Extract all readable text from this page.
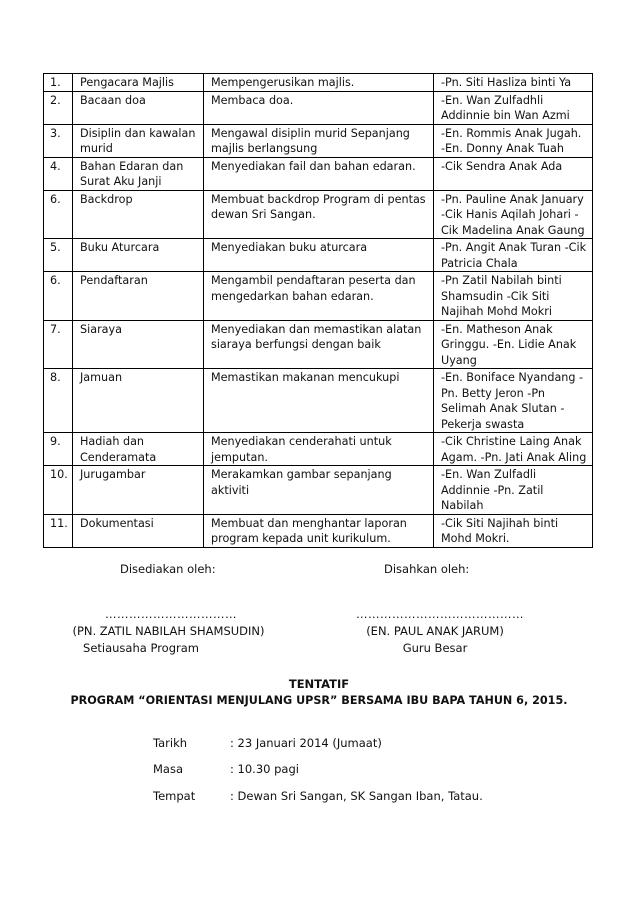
1.	Pengacara Majlis	Mempengerusikan majlis.	-Pn. Siti Hasliza binti Ya
2.	Bacaan doa	Membaca doa.	-En. Wan Zulfadhli Addinnie bin Wan Azmi
3.	Disiplin dan kawalan murid	Mengawal disiplin murid Sepanjang majlis berlangsung	-En. Rommis Anak Jugah. -En. Donny Anak Tuah
4.	Bahan Edaran dan Surat Aku Janji	Menyediakan fail dan bahan edaran.	-Cik Sendra Anak Ada
6.	Backdrop	Membuat backdrop Program di pentas dewan Sri Sangan.	-Pn. Pauline Anak January -Cik Hanis Aqilah Johari -Cik Madelina Anak Gaung
5.	Buku Aturcara	Menyediakan buku aturcara	-Pn. Angit Anak Turan -Cik Patricia Chala
6.	Pendaftaran	Mengambil pendaftaran peserta dan mengedarkan bahan edaran.	-Pn Zatil Nabilah binti Shamsudin -Cik Siti Najihah Mohd Mokri
7.	Siaraya	Menyediakan dan memastikan alatan siaraya berfungsi dengan baik	-En. Matheson Anak Gringgu. -En. Lidie Anak Uyang
8.	Jamuan	Memastikan makanan mencukupi	-En. Boniface Nyandang -Pn. Betty Jeron -Pn Selimah Anak Slutan -Pekerja swasta
9.	Hadiah dan Cenderamata	Menyediakan cenderahati untuk jemputan.	-Cik Christine Laing Anak Agam. -Pn. Jati Anak Aling
10.	Jurugambar	Merakamkan gambar sepanjang aktiviti	-En. Wan Zulfadli Addinnie -Pn. Zatil Nabilah
11.	Dokumentasi	Membuat dan menghantar laporan program kepada unit kurikulum.	-Cik Siti Najihah binti Mohd Mokri.
Disediakan oleh:	Disahkan oleh:
……………………………
(PN. ZATIL NABILAH SHAMSUDIN)
Setiausaha Program
……………………………………
(EN. PAUL ANAK JARUM)
Guru Besar
TENTATIF
PROGRAM “ORIENTASI MENJULANG UPSR” BERSAMA IBU BAPA TAHUN 6, 2015.
Tarikh	: 23 Januari 2014 (Jumaat)
Masa	: 10.30 pagi
Tempat	: Dewan Sri Sangan, SK Sangan Iban, Tatau.
